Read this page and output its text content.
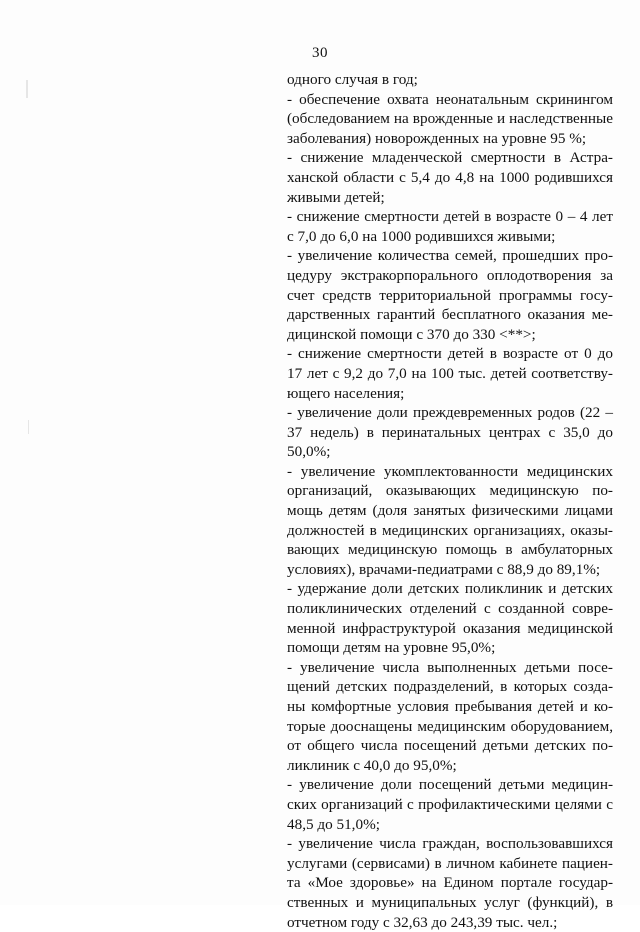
30
одного случая в год;
- обеспечение охвата неонатальным скринингом
(обследованием на врожденные и наследственные
заболевания) новорожденных на уровне 95 %;
- снижение младенческой смертности в Астра-
ханской области с 5,4 до 4,8 на 1000 родившихся
живыми детей;
- снижение смертности детей в возрасте 0 – 4 лет
с 7,0 до 6,0 на 1000 родившихся живыми;
- увеличение количества семей, прошедших про-
цедуру экстракорпорального оплодотворения за
счет средств территориальной программы госу-
дарственных гарантий бесплатного оказания ме-
дицинской помощи с 370 до 330 <**>;
- снижение смертности детей в возрасте от 0 до
17 лет с 9,2 до 7,0 на 100 тыс. детей соответству-
ющего населения;
- увеличение доли преждевременных родов (22 –
37 недель) в перинатальных центрах с 35,0 до
50,0%;
- увеличение укомплектованности медицинских
организаций, оказывающих медицинскую по-
мощь детям (доля занятых физическими лицами
должностей в медицинских организациях, оказы-
вающих медицинскую помощь в амбулаторных
условиях), врачами-педиатрами с 88,9 до 89,1%;
- удержание доли детских поликлиник и детских
поликлинических отделений с созданной совре-
менной инфраструктурой оказания медицинской
помощи детям на уровне 95,0%;
- увеличение числа выполненных детьми посе-
щений детских подразделений, в которых созда-
ны комфортные условия пребывания детей и ко-
торые дооснащены медицинским оборудованием,
от общего числа посещений детьми детских по-
ликлиник с 40,0 до 95,0%;
- увеличение доли посещений детьми медицин-
ских организаций с профилактическими целями с
48,5 до 51,0%;
- увеличение числа граждан, воспользовавшихся
услугами (сервисами) в личном кабинете пациен-
та «Мое здоровье» на Едином портале государ-
ственных и муниципальных услуг (функций), в
отчетном году с 32,63 до 243,39 тыс. чел.;
